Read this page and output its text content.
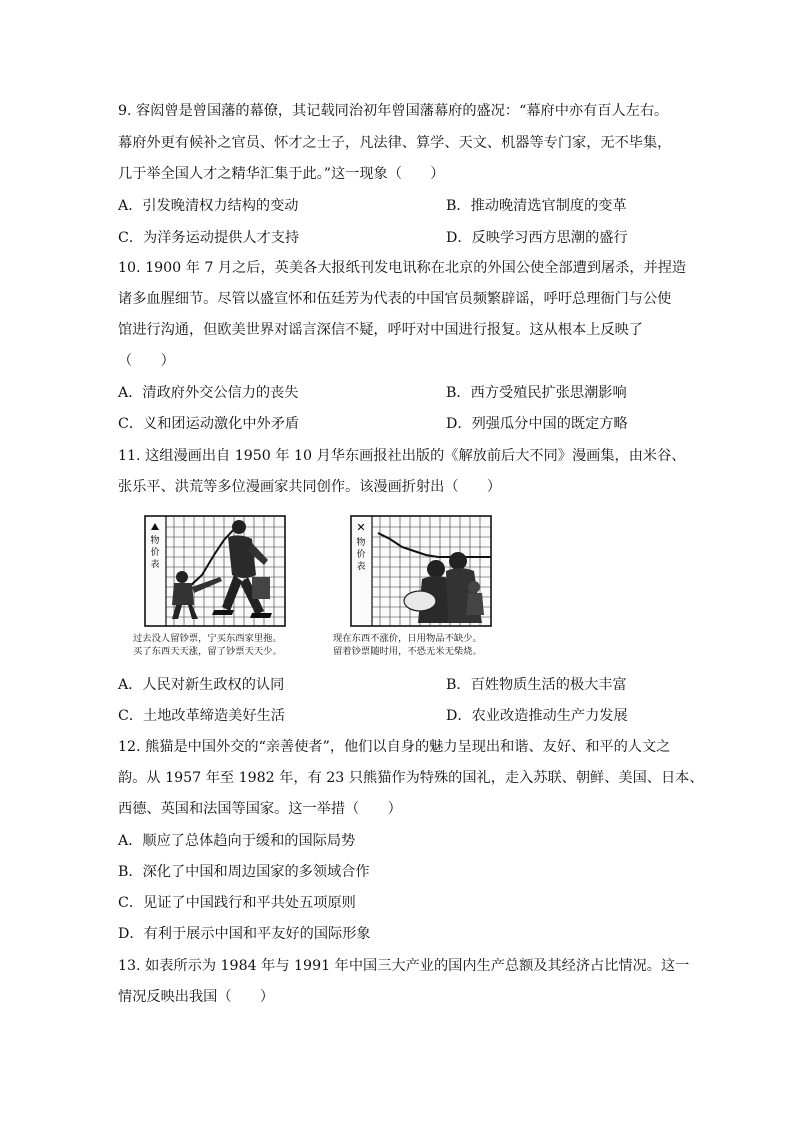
9. 容闳曾是曾国藩的幕僚，其记载同治初年曾国藩幕府的盛况：“幕府中亦有百人左右。
幕府外更有候补之官员、怀才之士子，凡法律、算学、天文、机器等专门家，无不毕集，
几于举全国人才之精华汇集于此。”这一现象（　　）
A．引发晚清权力结构的变动	B．推动晚清选官制度的变革
C．为洋务运动提供人才支持	D．反映学习西方思潮的盛行
10. 1900 年 7 月之后，英美各大报纸刊发电讯称在北京的外国公使全部遭到屠杀，并捏造
诸多血腥细节。尽管以盛宣怀和伍廷芳为代表的中国官员频繁辟谣，呼吁总理衙门与公使
馆进行沟通，但欧美世界对谣言深信不疑，呼吁对中国进行报复。这从根本上反映了
（　　）
A．清政府外交公信力的丧失	B．西方受殖民扩张思潮影响
C．义和团运动激化中外矛盾	D．列强瓜分中国的既定方略
11. 这组漫画出自 1950 年 10 月华东画报社出版的《解放前后大不同》漫画集，由米谷、
张乐平、洪荒等多位漫画家共同创作。该漫画折射出（　　）
物
价
表
过去没人留钞票，宁买东西家里拖。
买了东西天天涨，留了钞票天天少。
✕
物
价
表
现在东西不涨价，日用物品不缺少。
留着钞票随时用，不恐无米无柴烧。
A．人民对新生政权的认同	B．百姓物质生活的极大丰富
C．土地改革缔造美好生活	D．农业改造推动生产力发展
12. 熊猫是中国外交的“亲善使者”，他们以自身的魅力呈现出和谐、友好、和平的人文之
韵。从 1957 年至 1982 年，有 23 只熊猫作为特殊的国礼，走入苏联、朝鲜、美国、日本、
西德、英国和法国等国家。这一举措（　　）
A．顺应了总体趋向于缓和的国际局势
B．深化了中国和周边国家的多领域合作
C．见证了中国践行和平共处五项原则
D．有利于展示中国和平友好的国际形象
13. 如表所示为 1984 年与 1991 年中国三大产业的国内生产总额及其经济占比情况。这一
情况反映出我国（　　）
